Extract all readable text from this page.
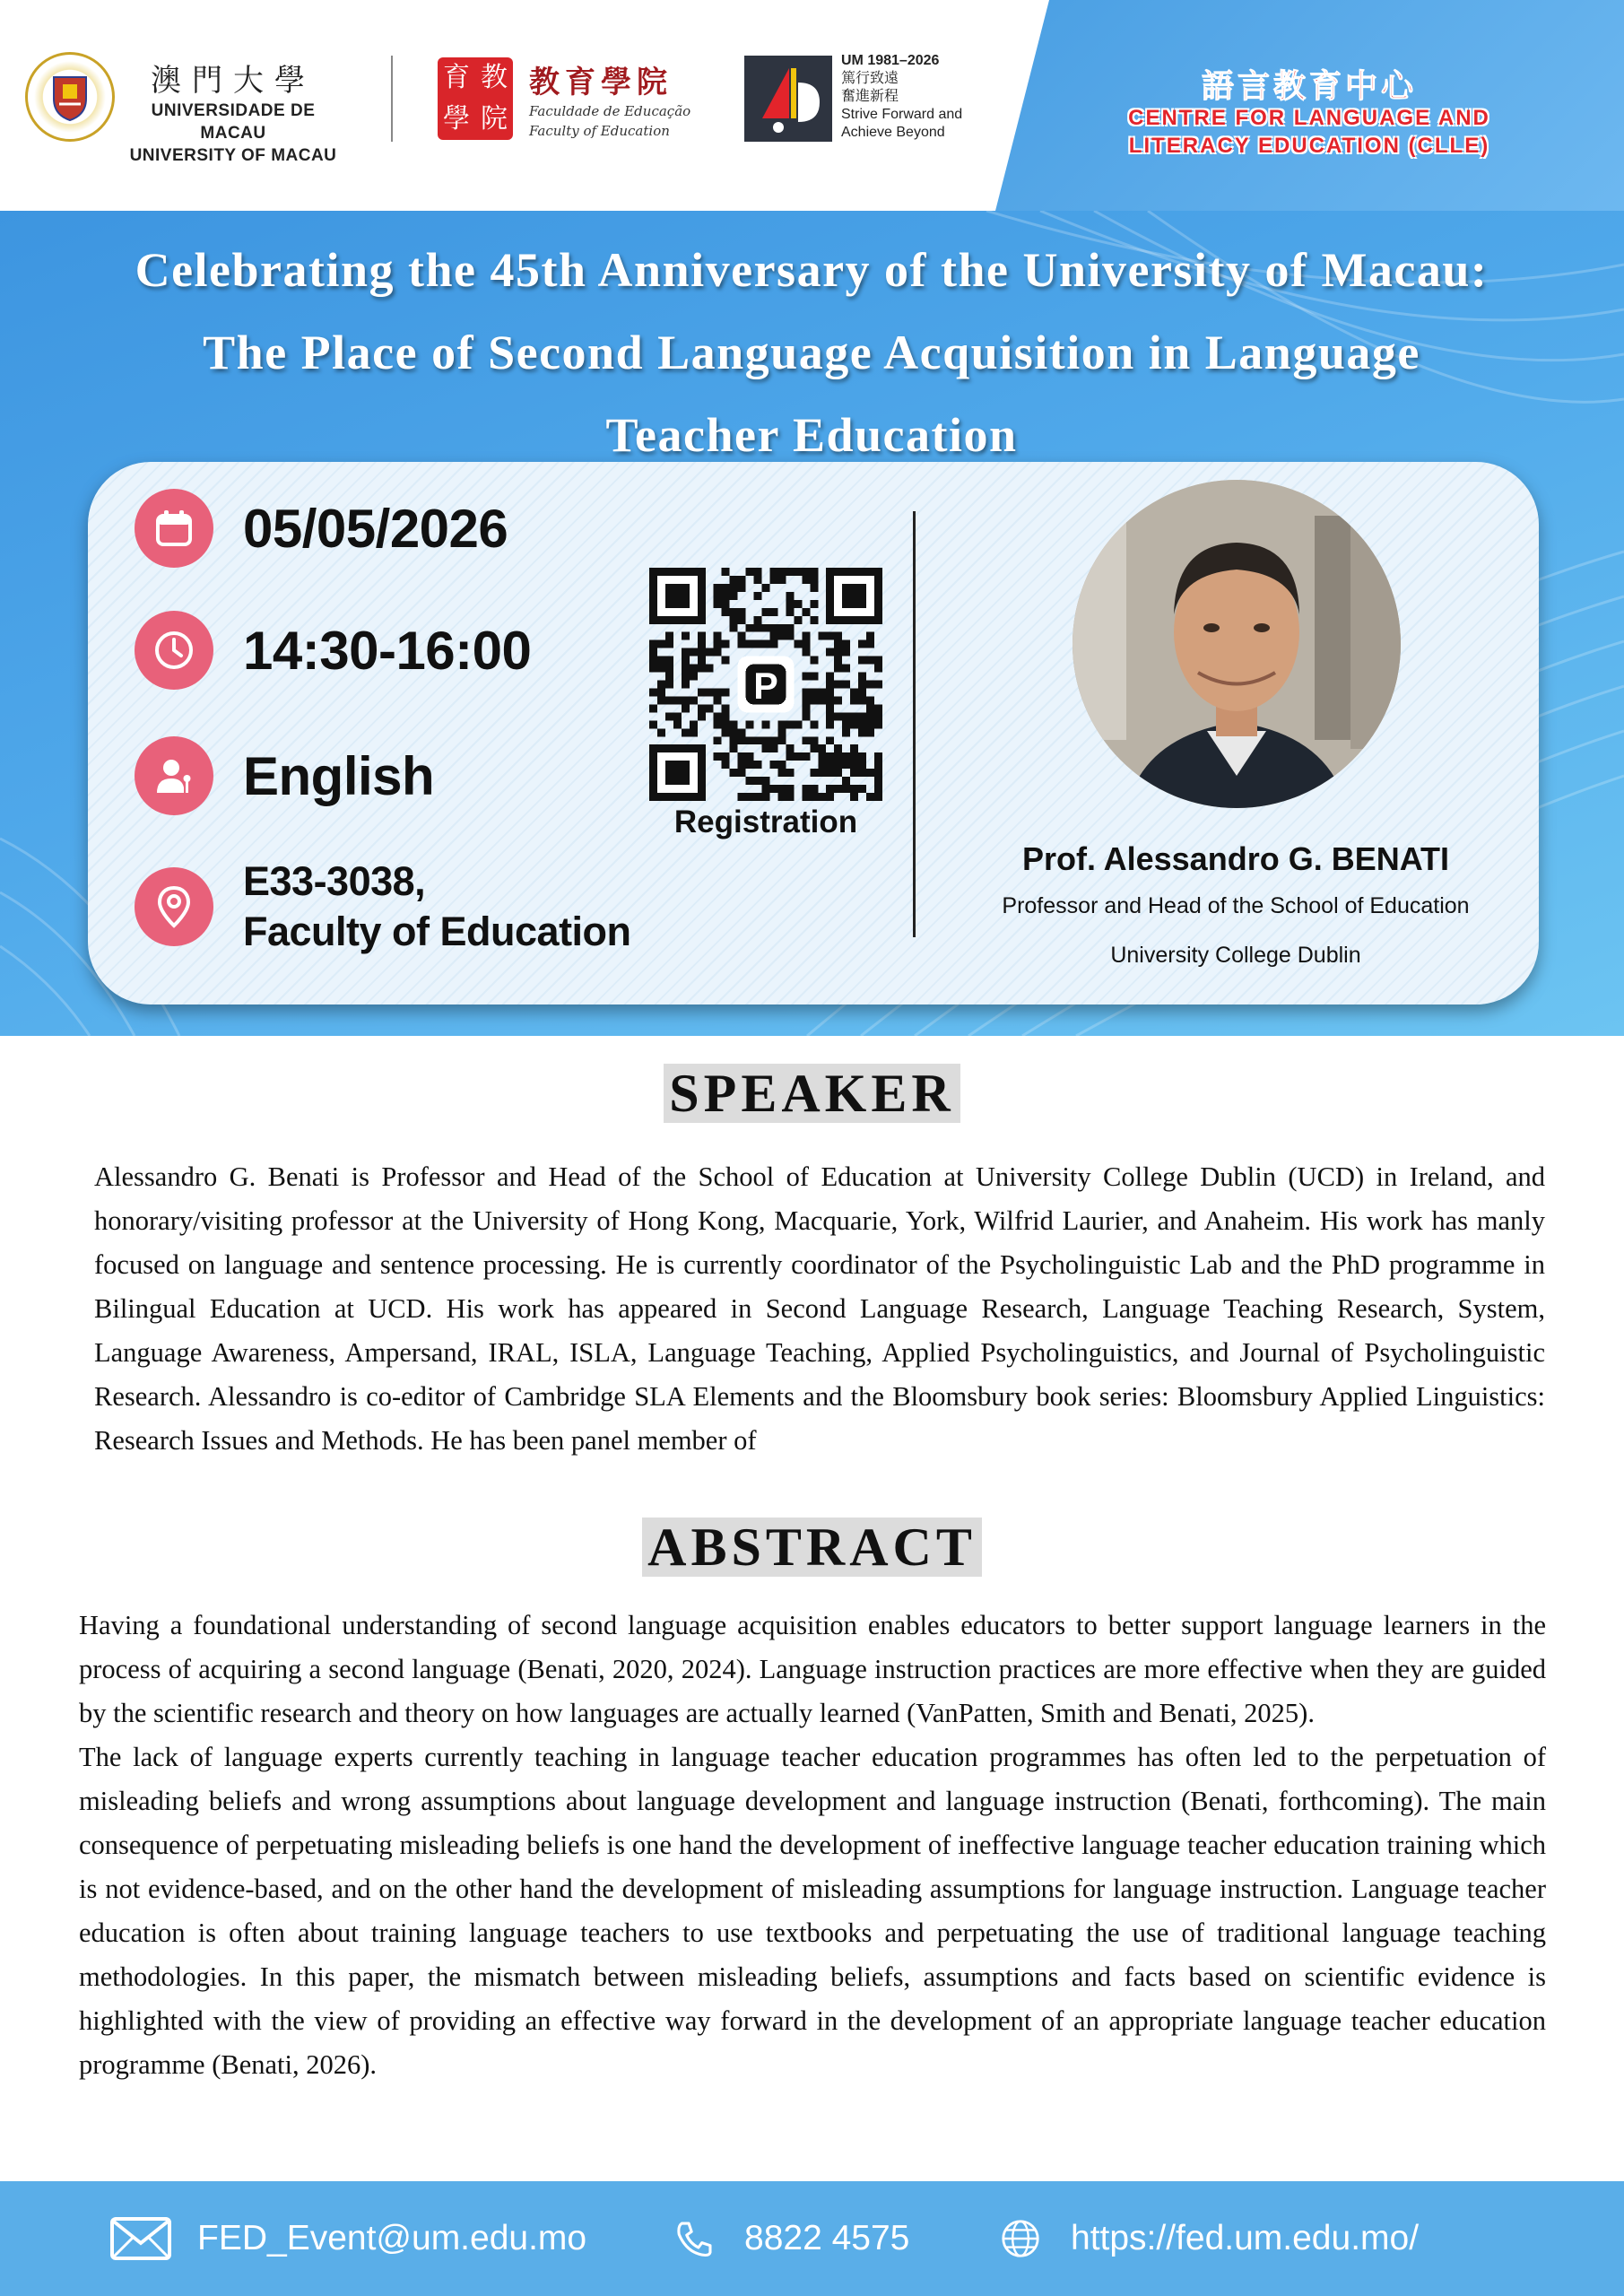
澳門大學
UNIVERSIDADE DE MACAU
UNIVERSITY OF MACAU
育 教
學 院
教育學院
Faculdade de Educação
Faculty of Education
UM 1981–2026
篤行致遠
奮進新程
Strive Forward and Achieve Beyond
語言教育中心
CENTRE FOR LANGUAGE AND
LITERACY EDUCATION (CLLE)
Celebrating the 45th Anniversary of the University of Macau:
The Place of Second Language Acquisition in Language
Teacher Education
05/05/2026
14:30-16:00
English
E33-3038,
Faculty of Education
P
Registration
Prof. Alessandro G. BENATI
Professor and Head of the School of Education
University College Dublin
SPEAKER

Alessandro G. Benati is Professor and Head of the School of Education at University College Dublin (UCD) in Ireland, and honorary/visiting professor at the University of Hong Kong, Macquarie, York, Wilfrid Laurier, and Anaheim. His work has manly focused on language and sentence processing. He is currently coordinator of the Psycholinguistic Lab and the PhD programme in Bilingual Education at UCD. His work has appeared in Second Language Research, Language Teaching Research, System, Language Awareness, Ampersand, IRAL, ISLA, Language Teaching, Applied Psycholinguistics, and Journal of Psycholinguistic Research. Alessandro is co-editor of Cambridge SLA Elements and the Bloomsbury book series: Bloomsbury Applied Linguistics: Research Issues and Methods. He has been panel member of

ABSTRACT

Having a foundational understanding of second language acquisition enables educators to better support language learners in the process of acquiring a second language (Benati, 2020, 2024). Language instruction practices are more effective when they are guided by the scientific research and theory on how languages are actually learned (VanPatten, Smith and Benati, 2025).

The lack of language experts currently teaching in language teacher education programmes has often led to the perpetuation of misleading beliefs and wrong assumptions about language development and language instruction (Benati, forthcoming). The main consequence of perpetuating misleading beliefs is one hand the development of ineffective language teacher education training which is not evidence-based, and on the other hand the development of misleading assumptions for language instruction. Language teacher education is often about training language teachers to use textbooks and perpetuating the use of traditional language teaching methodologies. In this paper, the mismatch between misleading beliefs, assumptions and facts based on scientific evidence is highlighted with the view of providing an effective way forward in the development of an appropriate language teacher education programme (Benati, 2026).

FED_Event@um.edu.mo	8822 4575	https://fed.um.edu.mo/
